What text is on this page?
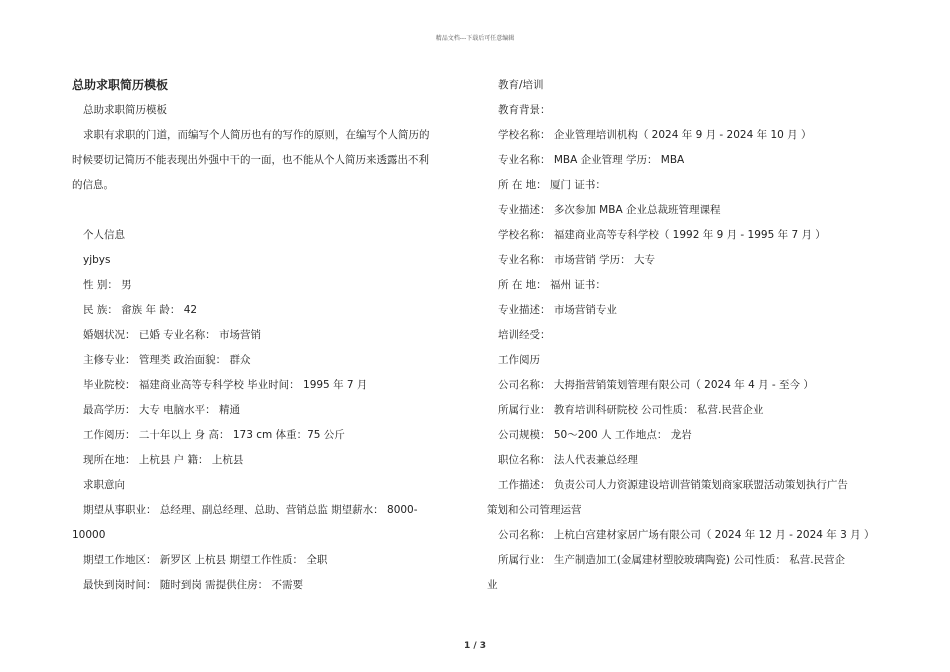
精品文档---下载后可任意编辑
总助求职简历模板
总助求职简历模板
求职有求职的门道，而编写个人简历也有的写作的原则，在编写个人简历的
时候要切记简历不能表现出外强中干的一面，也不能从个人简历来透露出不利
的信息。
个人信息
yjbys
性 别： 男
民 族： 畲族 年 龄： 42
婚姻状况： 已婚 专业名称： 市场营销
主修专业： 管理类 政治面貌： 群众
毕业院校： 福建商业高等专科学校 毕业时间： 1995 年 7 月
最高学历： 大专 电脑水平： 精通
工作阅历： 二十年以上 身 高： 173 cm 体重：75 公斤
现所在地： 上杭县 户 籍： 上杭县
求职意向
期望从事职业： 总经理、副总经理、总助、营销总监 期望薪水： 8000-
10000
期望工作地区： 新罗区 上杭县 期望工作性质： 全职
最快到岗时间： 随时到岗 需提供住房： 不需要
教育/培训
教育背景：
学校名称： 企业管理培训机构（ 2024 年 9 月 - 2024 年 10 月 ）
专业名称： MBA 企业管理 学历： MBA
所 在 地： 厦门 证书：
专业描述： 多次参加 MBA 企业总裁班管理课程
学校名称： 福建商业高等专科学校（ 1992 年 9 月 - 1995 年 7 月 ）
专业名称： 市场营销 学历： 大专
所 在 地： 福州 证书：
专业描述： 市场营销专业
培训经受：
工作阅历
公司名称： 大拇指营销策划管理有限公司（ 2024 年 4 月 - 至今 ）
所属行业： 教育培训科研院校 公司性质： 私营.民营企业
公司规模： 50～200 人 工作地点： 龙岩
职位名称： 法人代表兼总经理
工作描述： 负责公司人力资源建设培训营销策划商家联盟活动策划执行广告
策划和公司管理运营
公司名称： 上杭白宫建材家居广场有限公司（ 2024 年 12 月 - 2024 年 3 月 ）
所属行业： 生产制造加工(金属建材塑胶玻璃陶瓷) 公司性质： 私营.民营企
业
1 / 3
